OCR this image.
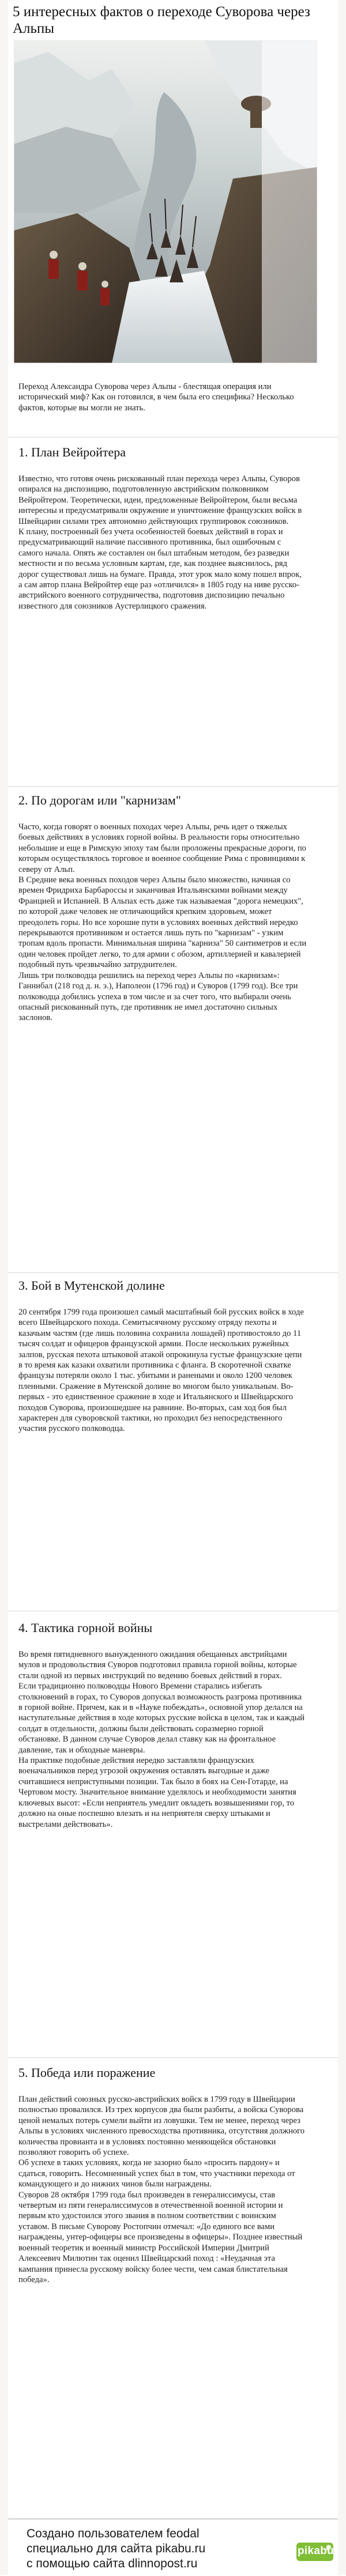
5 интересных фактов о переходе Суворова через Альпы

Переход Александра Суворова через Альпы - блестящая операция или исторический миф? Как он готовился, в чем была его специфика? Несколько фактов, которые вы могли не знать.

1. План Вейройтера

Известно, что готовя очень рискованный план перехода через Альпы, Суворов опирался на диспозицию, подготовленную австрийским полковником Вейройтером. Теоретически, идеи, предложенные Вейройтером, были весьма интересны и предусматривали окружение и уничтожение французских войск в Швейцарии силами трех автономно действующих группировок союзников.
К плану, построенный без учета особенностей боевых действий в горах и предусматривающий наличие пассивного противника, был ошибочным с самого начала. Опять же составлен он был штабным методом, без разведки местности и по весьма условным картам, где, как позднее выяснилось, ряд дорог существовал лишь на бумаге. Правда, этот урок мало кому пошел впрок, а сам автор плана Вейройтер еще раз «отличился» в 1805 году на ниве русско-австрийского военного сотрудничества, подготовив диспозицию печально известного для союзников Аустерлицкого сражения.

2. По дорогам или "карнизам"

Часто, когда говорят о военных походах через Альпы, речь идет о тяжелых боевых действиях в условиях горной войны. В реальности горы относительно небольшие и еще в Римскую эпоху там были проложены прекрасные дороги, по которым осуществлялось торговое и военное сообщение Рима с провинциями к северу от Альп.
В Средние века военных походов через Альпы было множество, начиная со времен Фридриха Барбароссы и заканчивая Итальянскими войнами между Францией и Испанией. В Альпах есть даже так называемая "дорога немецких", по которой даже человек не отличающийся крепким здоровьем, может преодолеть горы. Но все хорошие пути в условиях военных действий нередко перекрываются противником и остается лишь путь по "карнизам" - узким тропам вдоль пропасти. Минимальная ширина "карниза" 50 сантиметров и если один человек пройдет легко, то для армии с обозом, артиллерией и кавалерией подобный путь чрезвычайно затруднителен.
Лишь три полководца решились на переход через Альпы по «карнизам»: Ганнибал (218 год д. н. э.), Наполеон (1796 год) и Суворов (1799 год). Все три полководца добились успеха в том числе и за счет того, что выбирали очень опасный рискованный путь, где противник не имел достаточно сильных заслонов.

3. Бой в Мутенской долине

20 сентября 1799 года произошел самый масштабный бой русских войск в ходе всего Швейцарского похода. Семитысячному русскому отряду пехоты и казачьим частям (где лишь половина сохранила лошадей) противостояло до 11 тысяч солдат и офицеров французской армии. После нескольких ружейных залпов, русская пехота штыковой атакой опрокинула густые французские цепи в то время как казаки охватили противника с фланга. В скоротечной схватке французы потеряли около 1 тыс. убитыми и ранеными и около 1200 человек пленными. Сражение в Мутенской долине во многом было уникальным. Во-первых - это единственное сражение в ходе и Итальянского и Швейцарского походов Суворова, произошедшее на равнине. Во-вторых, сам ход боя был характерен для суворовской тактики, но проходил без непосредственного участия русского полководца.

4. Тактика горной войны

Во время пятидневного вынужденного ожидания обещанных австрийцами мулов и продовольствия Суворов подготовил правила горной войны, которые стали одной из первых инструкций по ведению боевых действий в горах.
Если традиционно полководцы Нового Времени старались избегать столкновений в горах, то Суворов допускал возможность разгрома противника в горной войне. Причем, как и в «Науке побеждать», основной упор делался на наступательные действия в ходе которых русские войска в целом, так и каждый солдат в отдельности, должны были действовать соразмерно горной обстановке. В данном случае Суворов делал ставку как на фронтальное давление, так и обходные маневры.
На практике подобные действия нередко заставляли французских военачальников перед угрозой окружения оставлять выгодные и даже считавшиеся неприступными позиции. Так было в боях на Сен-Готарде, на Чертовом мосту. Значительное внимание уделялось и необходимости занятия ключевых высот: «Если неприятель умедлит овладеть возвышениями гор, то должно на оные поспешно влезать и на неприятеля сверху штыками и выстрелами действовать».

5. Победа или поражение

План действий союзных русско-австрийских войск в 1799 году в Швейцарии полностью провалился. Из трех корпусов два были разбиты, а войска Суворова ценой немалых потерь сумели выйти из ловушки. Тем не менее, переход через Альпы в условиях численного превосходства противника, отсутствия должного количества провианта и в условиях постоянно меняющейся обстановки позволяют говорить об успехе.
Об успехе в таких условиях, когда не зазорно было «просить пардону» и сдаться, говорить. Несомненный успех был в том, что участники перехода от командующего и до нижних чинов были награждены.
Суворов 28 октября 1799 года был произведен в генералиссимусы, став четвертым из пяти генералиссимусов в отечественной военной истории и первым кто удостоился этого звания в полном соответствии с воинским уставом. В письме Суворову Ростопчин отмечал: «До единого все вами награждены, унтер-офицеры все произведены в офицеры». Позднее известный военный теоретик и военный министр Российской Империи Дмитрий Алексеевич Милютин так оценил Швейцарский поход : «Неудачная эта кампания принесла русскому войску более чести, чем самая блистательная победа».

Создано пользователем feodal
специально для сайта pikabu.ru
с помощью сайта dlinnopost.ru
pikabu
